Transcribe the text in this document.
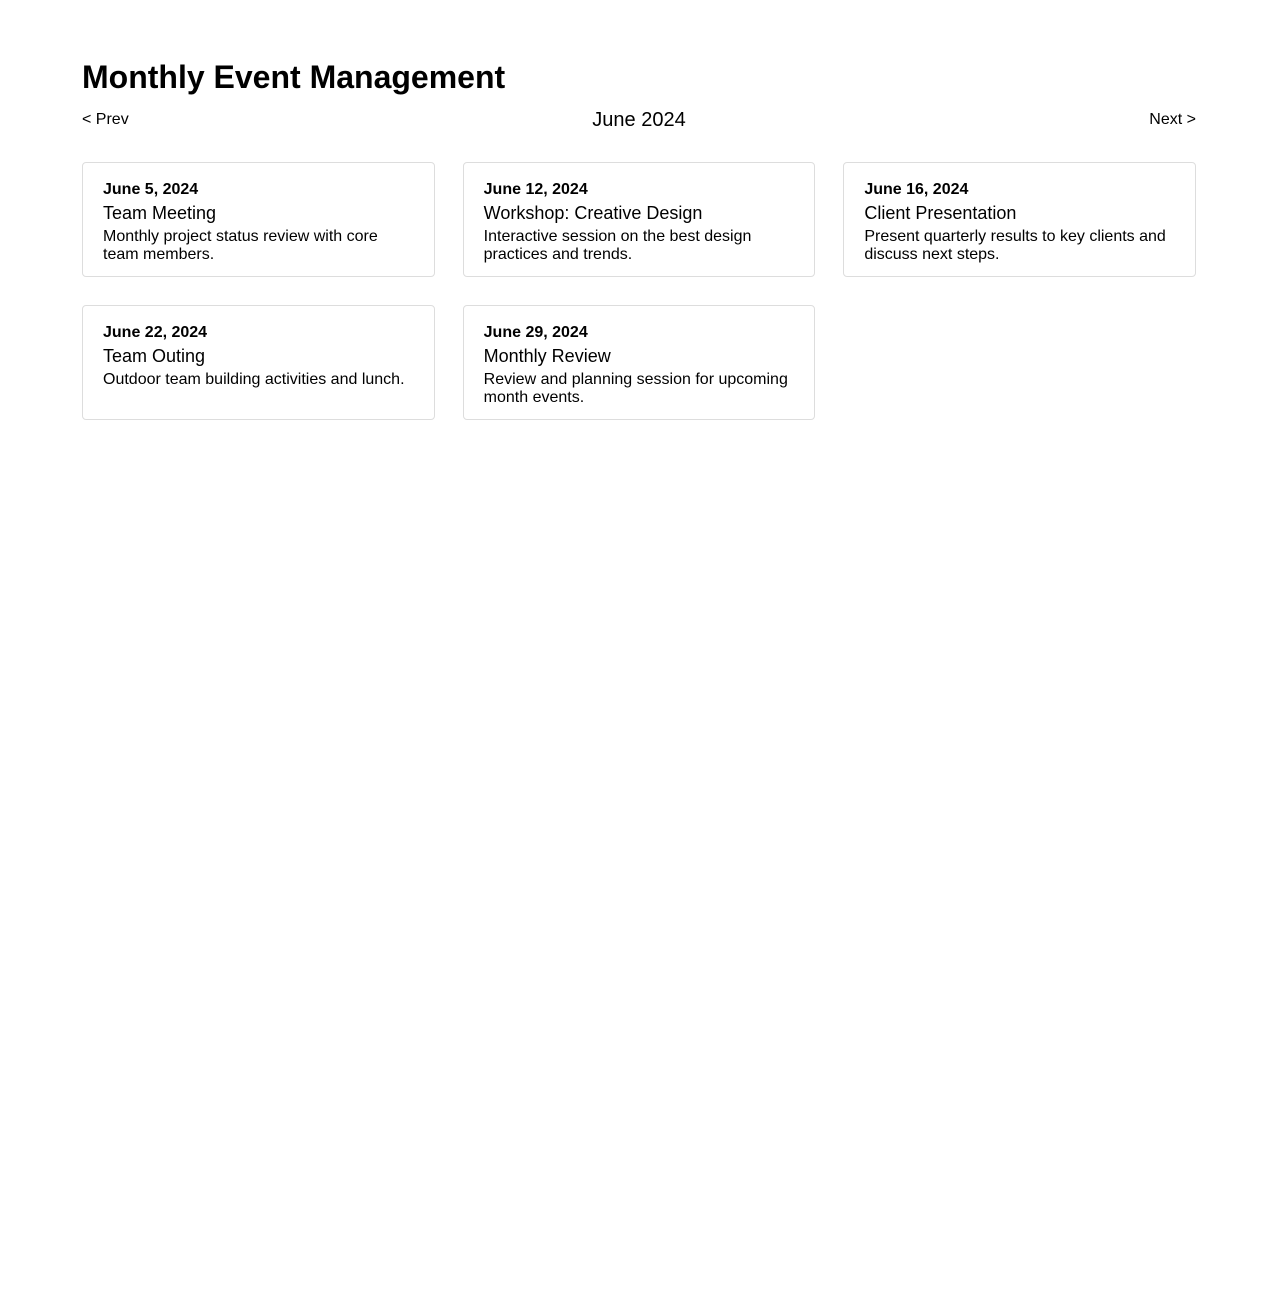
Monthly Event Management
< Prev	June 2024	Next >
June 5, 2024
Team Meeting
Monthly project status review with core team members.
June 12, 2024
Workshop: Creative Design
Interactive session on the best design practices and trends.
June 16, 2024
Client Presentation
Present quarterly results to key clients and discuss next steps.
June 22, 2024
Team Outing
Outdoor team building activities and lunch.
June 29, 2024
Monthly Review
Review and planning session for upcoming month events.
